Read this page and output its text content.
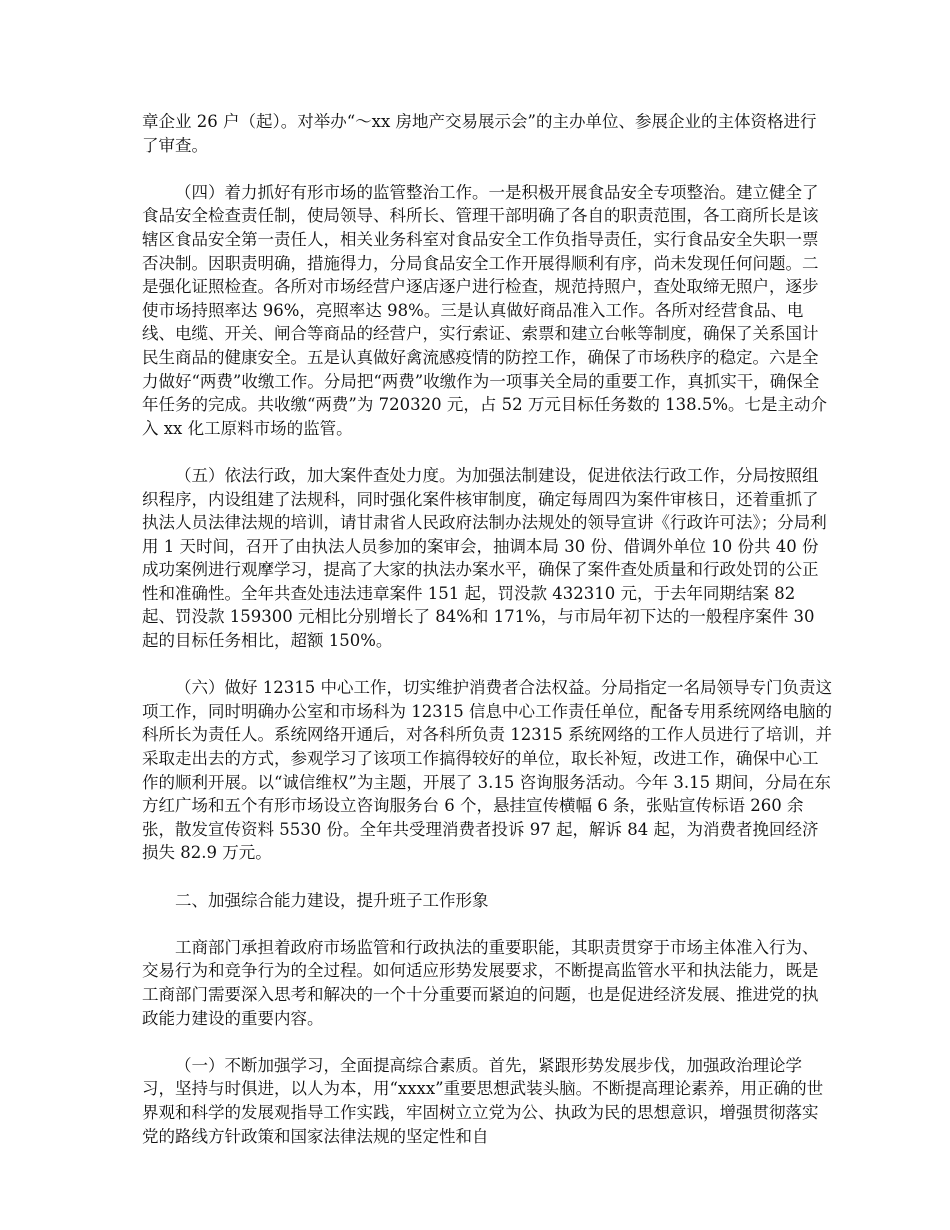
章企业 26 户（起）。对举办“～xx 房地产交易展示会”的主办单位、参展企业的主体资格进行了审查。

（四）着力抓好有形市场的监管整治工作。一是积极开展食品安全专项整治。建立健全了食品安全检查责任制，使局领导、科所长、管理干部明确了各自的职责范围，各工商所长是该辖区食品安全第一责任人，相关业务科室对食品安全工作负指导责任，实行食品安全失职一票否决制。因职责明确，措施得力，分局食品安全工作开展得顺利有序，尚未发现任何问题。二是强化证照检查。各所对市场经营户逐店逐户进行检查，规范持照户，查处取缔无照户，逐步使市场持照率达 96%，亮照率达 98%。三是认真做好商品准入工作。各所对经营食品、电线、电缆、开关、闸合等商品的经营户，实行索证、索票和建立台帐等制度，确保了关系国计民生商品的健康安全。五是认真做好禽流感疫情的防控工作，确保了市场秩序的稳定。六是全力做好“两费”收缴工作。分局把“两费”收缴作为一项事关全局的重要工作，真抓实干，确保全年任务的完成。共收缴“两费”为 720320 元，占 52 万元目标任务数的 138.5%。七是主动介入 xx 化工原料市场的监管。

（五）依法行政，加大案件查处力度。为加强法制建设，促进依法行政工作，分局按照组织程序，内设组建了法规科，同时强化案件核审制度，确定每周四为案件审核日，还着重抓了执法人员法律法规的培训，请甘肃省人民政府法制办法规处的领导宣讲《行政许可法》；分局利用 1 天时间，召开了由执法人员参加的案审会，抽调本局 30 份、借调外单位 10 份共 40 份成功案例进行观摩学习，提高了大家的执法办案水平，确保了案件查处质量和行政处罚的公正性和准确性。全年共查处违法违章案件 151 起，罚没款 432310 元，于去年同期结案 82 起、罚没款 159300 元相比分别增长了 84%和 171%，与市局年初下达的一般程序案件 30 起的目标任务相比，超额 150%。

（六）做好 12315 中心工作，切实维护消费者合法权益。分局指定一名局领导专门负责这项工作，同时明确办公室和市场科为 12315 信息中心工作责任单位，配备专用系统网络电脑的科所长为责任人。系统网络开通后，对各科所负责 12315 系统网络的工作人员进行了培训，并采取走出去的方式，参观学习了该项工作搞得较好的单位，取长补短，改进工作，确保中心工作的顺利开展。以“诚信维权”为主题，开展了 3.15 咨询服务活动。今年 3.15 期间，分局在东方红广场和五个有形市场设立咨询服务台 6 个，悬挂宣传横幅 6 条，张贴宣传标语 260 余张，散发宣传资料 5530 份。全年共受理消费者投诉 97 起，解诉 84 起，为消费者挽回经济损失 82.9 万元。

二、加强综合能力建设，提升班子工作形象

工商部门承担着政府市场监管和行政执法的重要职能，其职责贯穿于市场主体准入行为、交易行为和竞争行为的全过程。如何适应形势发展要求，不断提高监管水平和执法能力，既是工商部门需要深入思考和解决的一个十分重要而紧迫的问题，也是促进经济发展、推进党的执政能力建设的重要内容。

（一）不断加强学习，全面提高综合素质。首先，紧跟形势发展步伐，加强政治理论学习，坚持与时俱进，以人为本，用“xxxx”重要思想武装头脑。不断提高理论素养，用正确的世界观和科学的发展观指导工作实践，牢固树立立党为公、执政为民的思想意识，增强贯彻落实党的路线方针政策和国家法律法规的坚定性和自
